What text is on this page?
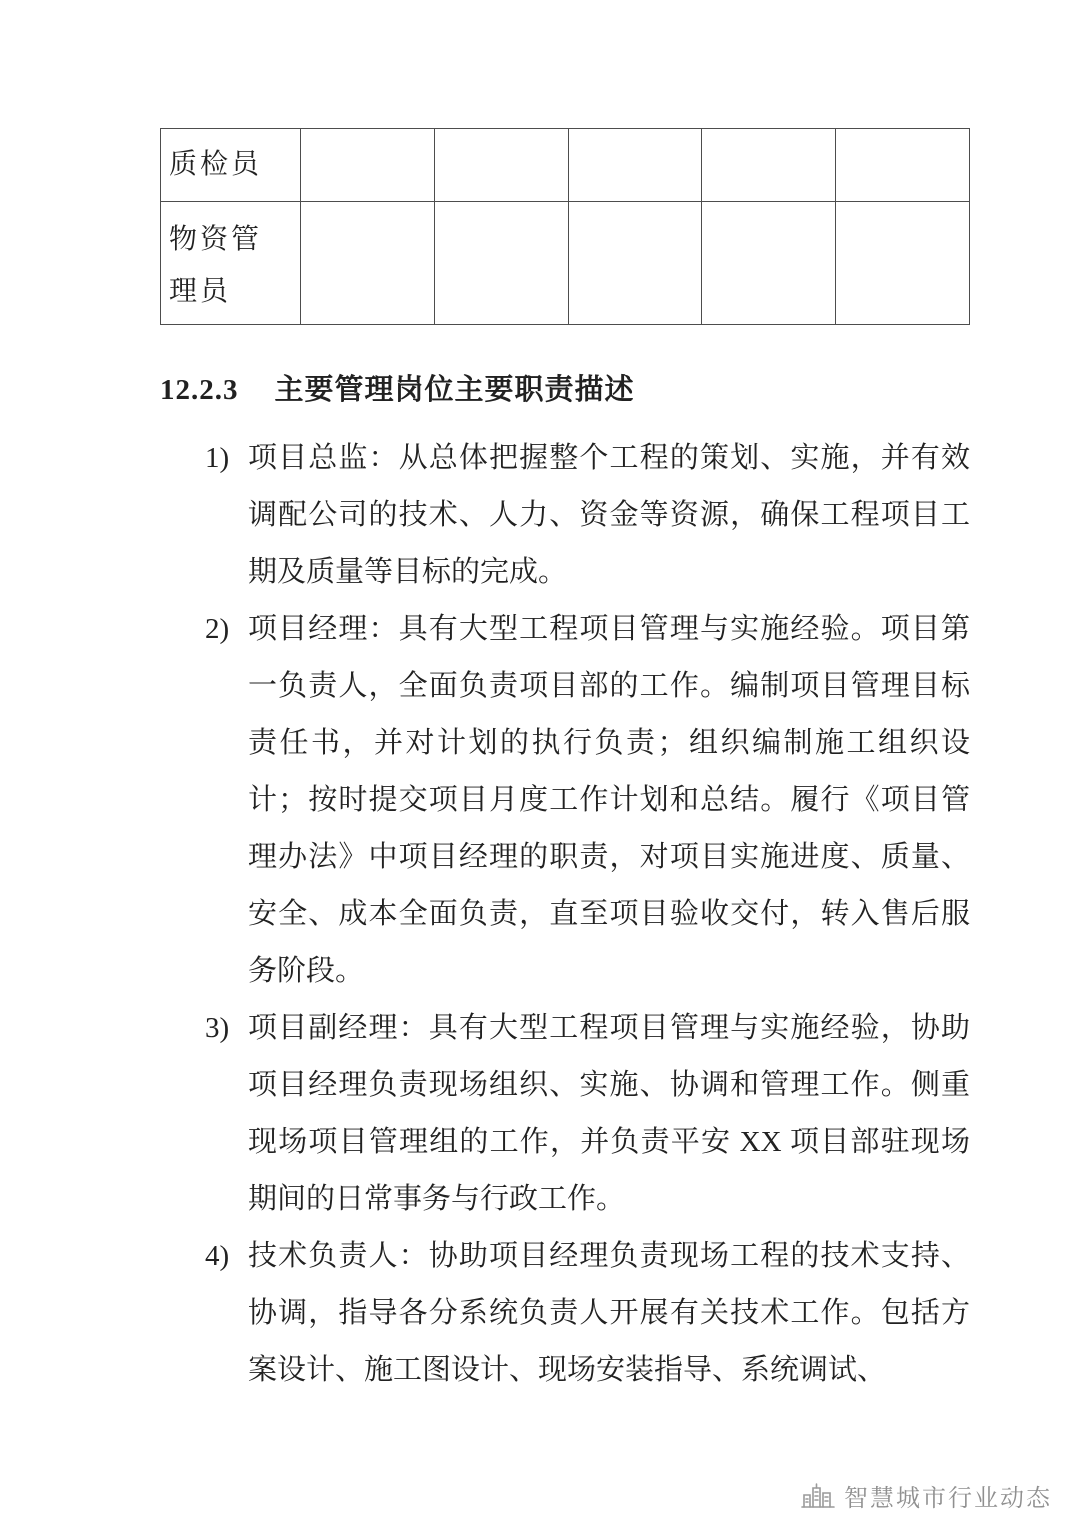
质检员					
物资管理员					
12.2.3 主要管理岗位主要职责描述
1) 项目总监：从总体把握整个工程的策划、实施，并有效调配公司的技术、人力、资金等资源，确保工程项目工期及质量等目标的完成。
2) 项目经理：具有大型工程项目管理与实施经验。项目第一负责人，全面负责项目部的工作。编制项目管理目标责任书，并对计划的执行负责；组织编制施工组织设计；按时提交项目月度工作计划和总结。履行《项目管理办法》中项目经理的职责，对项目实施进度、质量、安全、成本全面负责，直至项目验收交付，转入售后服务阶段。
3) 项目副经理：具有大型工程项目管理与实施经验，协助项目经理负责现场组织、实施、协调和管理工作。侧重现场项目管理组的工作，并负责平安 XX 项目部驻现场期间的日常事务与行政工作。
4) 技术负责人：协助项目经理负责现场工程的技术支持、协调，指导各分系统负责人开展有关技术工作。包括方案设计、施工图设计、现场安装指导、系统调试、
智慧城市行业动态
